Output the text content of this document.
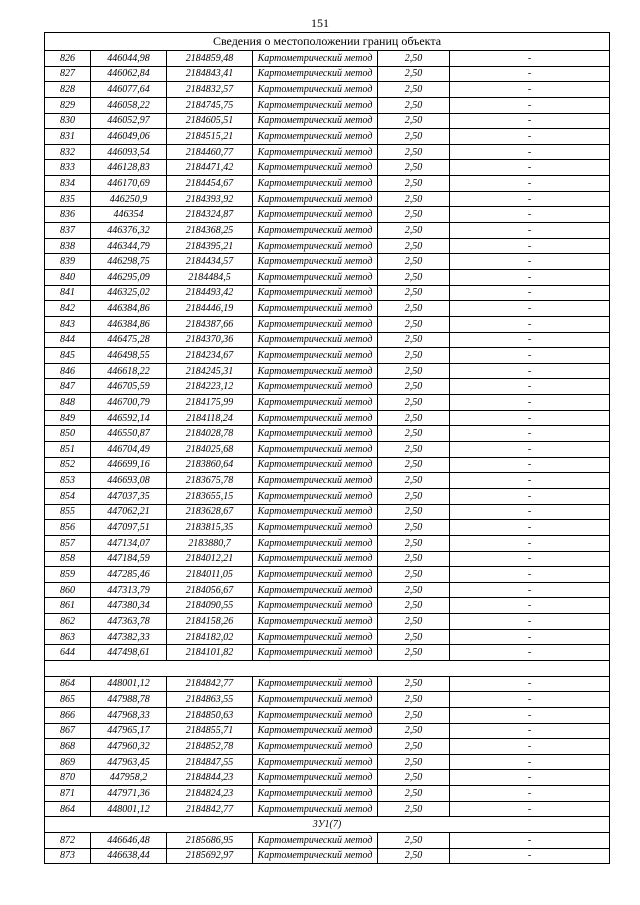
151
Сведения о местоположении границ объекта					
826	446044,98	2184859,48	Картометрический метод	2,50	-
827	446062,84	2184843,41	Картометрический метод	2,50	-
828	446077,64	2184832,57	Картометрический метод	2,50	-
829	446058,22	2184745,75	Картометрический метод	2,50	-
830	446052,97	2184605,51	Картометрический метод	2,50	-
831	446049,06	2184515,21	Картометрический метод	2,50	-
832	446093,54	2184460,77	Картометрический метод	2,50	-
833	446128,83	2184471,42	Картометрический метод	2,50	-
834	446170,69	2184454,67	Картометрический метод	2,50	-
835	446250,9	2184393,92	Картометрический метод	2,50	-
836	446354	2184324,87	Картометрический метод	2,50	-
837	446376,32	2184368,25	Картометрический метод	2,50	-
838	446344,79	2184395,21	Картометрический метод	2,50	-
839	446298,75	2184434,57	Картометрический метод	2,50	-
840	446295,09	2184484,5	Картометрический метод	2,50	-
841	446325,02	2184493,42	Картометрический метод	2,50	-
842	446384,86	2184446,19	Картометрический метод	2,50	-
843	446384,86	2184387,66	Картометрический метод	2,50	-
844	446475,28	2184370,36	Картометрический метод	2,50	-
845	446498,55	2184234,67	Картометрический метод	2,50	-
846	446618,22	2184245,31	Картометрический метод	2,50	-
847	446705,59	2184223,12	Картометрический метод	2,50	-
848	446700,79	2184175,99	Картометрический метод	2,50	-
849	446592,14	2184118,24	Картометрический метод	2,50	-
850	446550,87	2184028,78	Картометрический метод	2,50	-
851	446704,49	2184025,68	Картометрический метод	2,50	-
852	446699,16	2183860,64	Картометрический метод	2,50	-
853	446693,08	2183675,78	Картометрический метод	2,50	-
854	447037,35	2183655,15	Картометрический метод	2,50	-
855	447062,21	2183628,67	Картометрический метод	2,50	-
856	447097,51	2183815,35	Картометрический метод	2,50	-
857	447134,07	2183880,7	Картометрический метод	2,50	-
858	447184,59	2184012,21	Картометрический метод	2,50	-
859	447285,46	2184011,05	Картометрический метод	2,50	-
860	447313,79	2184056,67	Картометрический метод	2,50	-
861	447380,34	2184090,55	Картометрический метод	2,50	-
862	447363,78	2184158,26	Картометрический метод	2,50	-
863	447382,33	2184182,02	Картометрический метод	2,50	-
644	447498,61	2184101,82	Картометрический метод	2,50	-

864	448001,12	2184842,77	Картометрический метод	2,50	-
865	447988,78	2184863,55	Картометрический метод	2,50	-
866	447968,33	2184850,63	Картометрический метод	2,50	-
867	447965,17	2184855,71	Картометрический метод	2,50	-
868	447960,32	2184852,78	Картометрический метод	2,50	-
869	447963,45	2184847,55	Картометрический метод	2,50	-
870	447958,2	2184844,23	Картометрический метод	2,50	-
871	447971,36	2184824,23	Картометрический метод	2,50	-
864	448001,12	2184842,77	Картометрический метод	2,50	-
3У1(7)					
872	446646,48	2185686,95	Картометрический метод	2,50	-
873	446638,44	2185692,97	Картометрический метод	2,50	-
